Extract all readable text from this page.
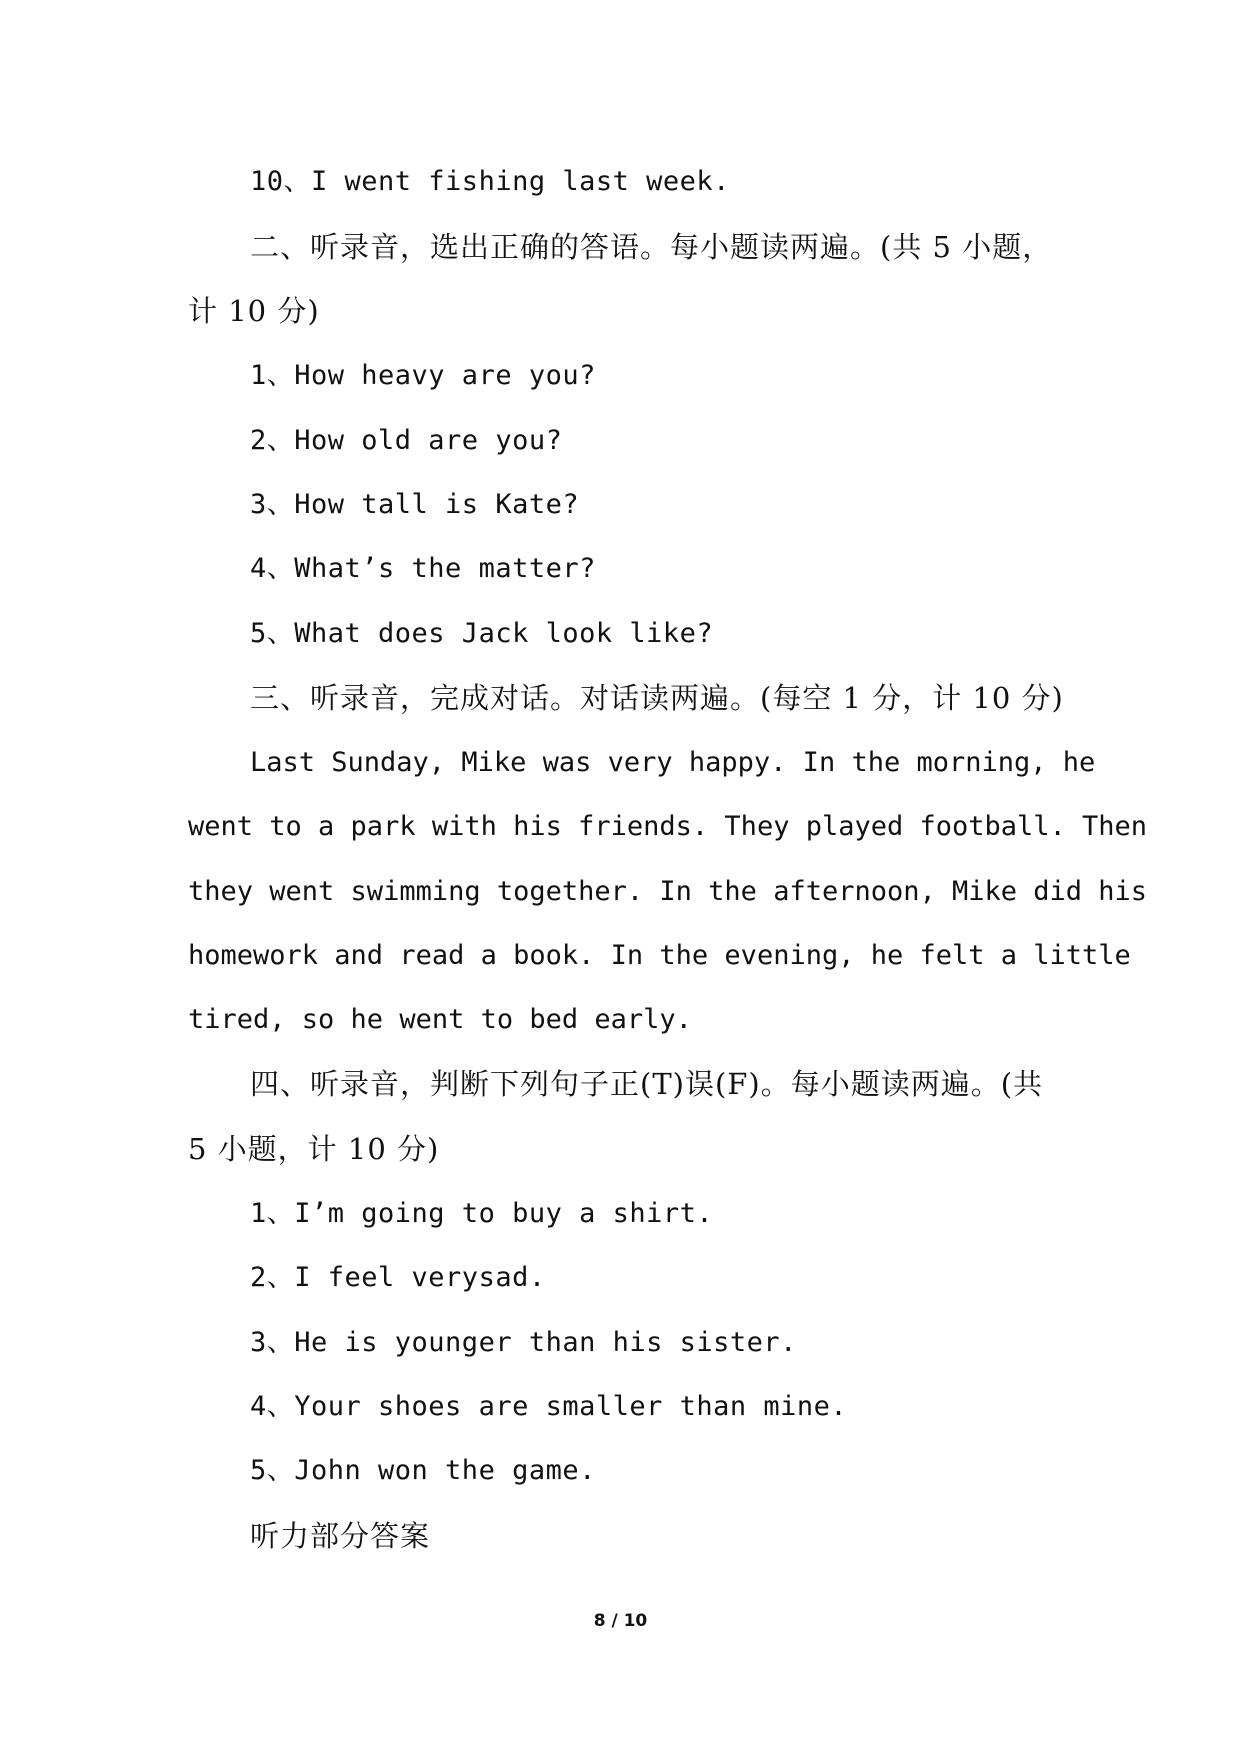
10、I went fishing last week.
二、听录音，选出正确的答语。每小题读两遍。(共 5 小题，
计 10 分)
1、How heavy are you?
2、How old are you?
3、How tall is Kate?
4、What’s the matter?
5、What does Jack look like?
三、听录音，完成对话。对话读两遍。(每空 1 分，计 10 分)
Last Sunday, Mike was very happy. In the morning, he
went to a park with his friends. They played football. Then
they went swimming together. In the afternoon, Mike did his
homework and read a book. In the evening, he felt a little
tired, so he went to bed early.
四、听录音，判断下列句子正(T)误(F)。每小题读两遍。(共
5 小题，计 10 分)
1、I’m going to buy a shirt.
2、I feel verysad.
3、He is younger than his sister.
4、Your shoes are smaller than mine.
5、John won the game.
听力部分答案
8 / 10
